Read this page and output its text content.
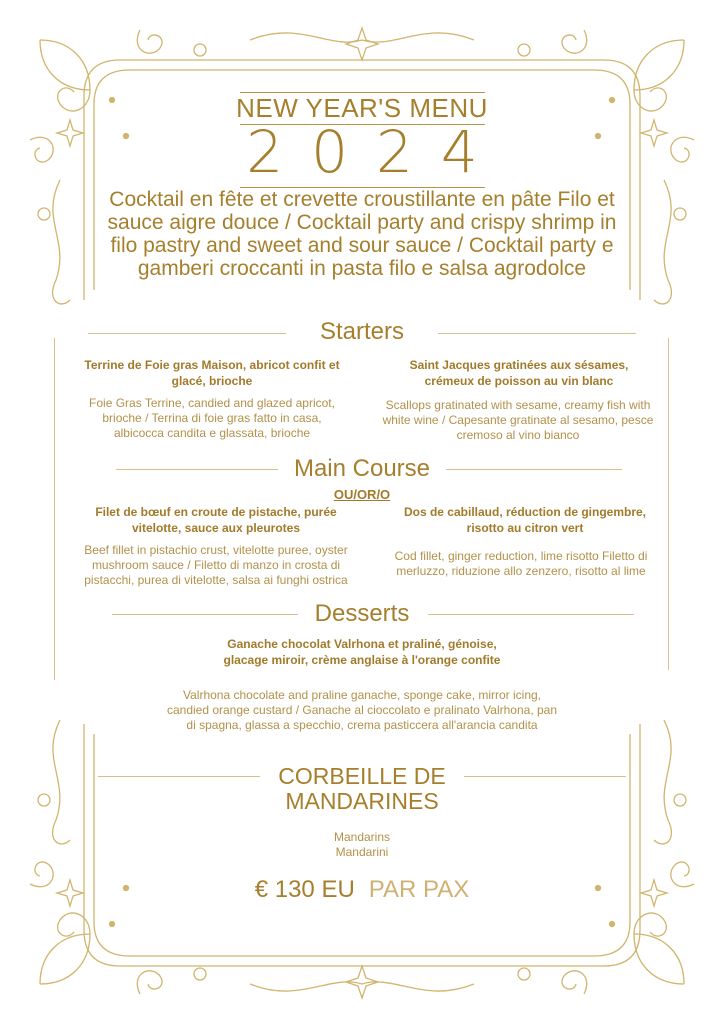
NEW YEAR'S MENU
2024
Cocktail en fête et crevette croustillante en pâte Filo et sauce aigre douce / Cocktail party and crispy shrimp in filo pastry and sweet and sour sauce / Cocktail party e gamberi croccanti in pasta filo e salsa agrodolce
Starters
Terrine de Foie gras Maison, abricot confit et glacé, brioche
Foie Gras Terrine, candied and glazed apricot, brioche / Terrina di foie gras fatto in casa, albicocca candita e glassata, brioche
Saint Jacques gratinées aux sésames, crémeux de poisson au vin blanc
Scallops gratinated with sesame, creamy fish with white wine / Capesante gratinate al sesamo, pesce cremoso al vino bianco
Main Course
OU/OR/O
Filet de bœuf en croute de pistache, purée vitelotte, sauce aux pleurotes
Beef fillet in pistachio crust, vitelotte puree, oyster mushroom sauce / Filetto di manzo in crosta di pistacchi, purea di vitelotte, salsa ai funghi ostrica
Dos de cabillaud, réduction de gingembre, risotto au citron vert
Cod fillet, ginger reduction, lime risotto Filetto di merluzzo, riduzione allo zenzero, risotto al lime
Desserts
Ganache chocolat Valrhona et praliné, génoise, glacage miroir, crème anglaise à l'orange confite
Valrhona chocolate and praline ganache, sponge cake, mirror icing, candied orange custard / Ganache al cioccolato e pralinato Valrhona, pan di spagna, glassa a specchio, crema pasticcera all'arancia candita
CORBEILLE DE MANDARINES
Mandarins
Mandarini
€ 130 EU PAR PAX
